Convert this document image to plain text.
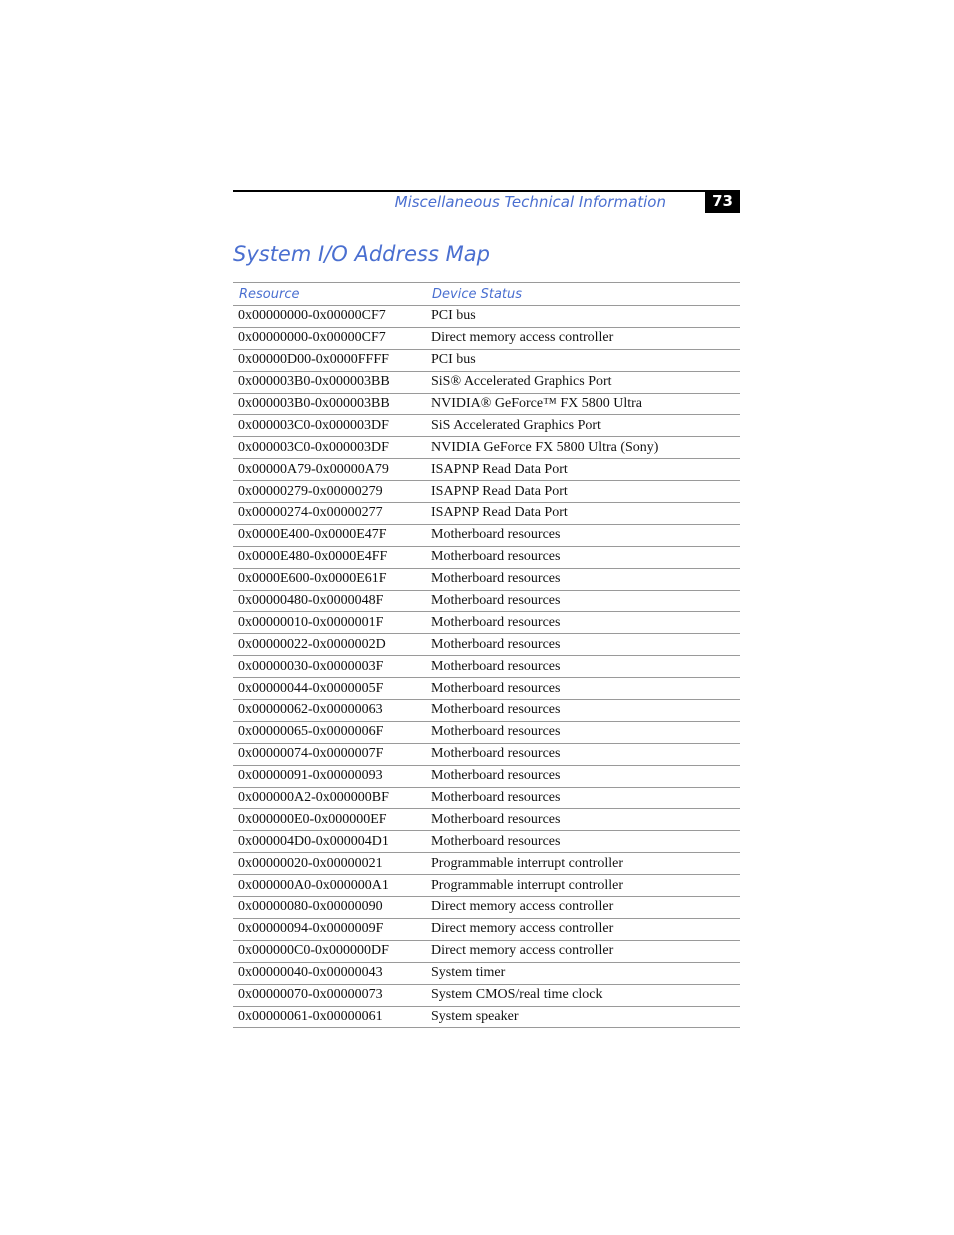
Miscellaneous Technical Information	73
System I/O Address Map
Resource	Device Status
0x00000000-0x00000CF7	PCI bus
0x00000000-0x00000CF7	Direct memory access controller
0x00000D00-0x0000FFFF	PCI bus
0x000003B0-0x000003BB	SiS® Accelerated Graphics Port
0x000003B0-0x000003BB	NVIDIA® GeForce™ FX 5800 Ultra
0x000003C0-0x000003DF	SiS Accelerated Graphics Port
0x000003C0-0x000003DF	NVIDIA GeForce FX 5800 Ultra (Sony)
0x00000A79-0x00000A79	ISAPNP Read Data Port
0x00000279-0x00000279	ISAPNP Read Data Port
0x00000274-0x00000277	ISAPNP Read Data Port
0x0000E400-0x0000E47F	Motherboard resources
0x0000E480-0x0000E4FF	Motherboard resources
0x0000E600-0x0000E61F	Motherboard resources
0x00000480-0x0000048F	Motherboard resources
0x00000010-0x0000001F	Motherboard resources
0x00000022-0x0000002D	Motherboard resources
0x00000030-0x0000003F	Motherboard resources
0x00000044-0x0000005F	Motherboard resources
0x00000062-0x00000063	Motherboard resources
0x00000065-0x0000006F	Motherboard resources
0x00000074-0x0000007F	Motherboard resources
0x00000091-0x00000093	Motherboard resources
0x000000A2-0x000000BF	Motherboard resources
0x000000E0-0x000000EF	Motherboard resources
0x000004D0-0x000004D1	Motherboard resources
0x00000020-0x00000021	Programmable interrupt controller
0x000000A0-0x000000A1	Programmable interrupt controller
0x00000080-0x00000090	Direct memory access controller
0x00000094-0x0000009F	Direct memory access controller
0x000000C0-0x000000DF	Direct memory access controller
0x00000040-0x00000043	System timer
0x00000070-0x00000073	System CMOS/real time clock
0x00000061-0x00000061	System speaker
